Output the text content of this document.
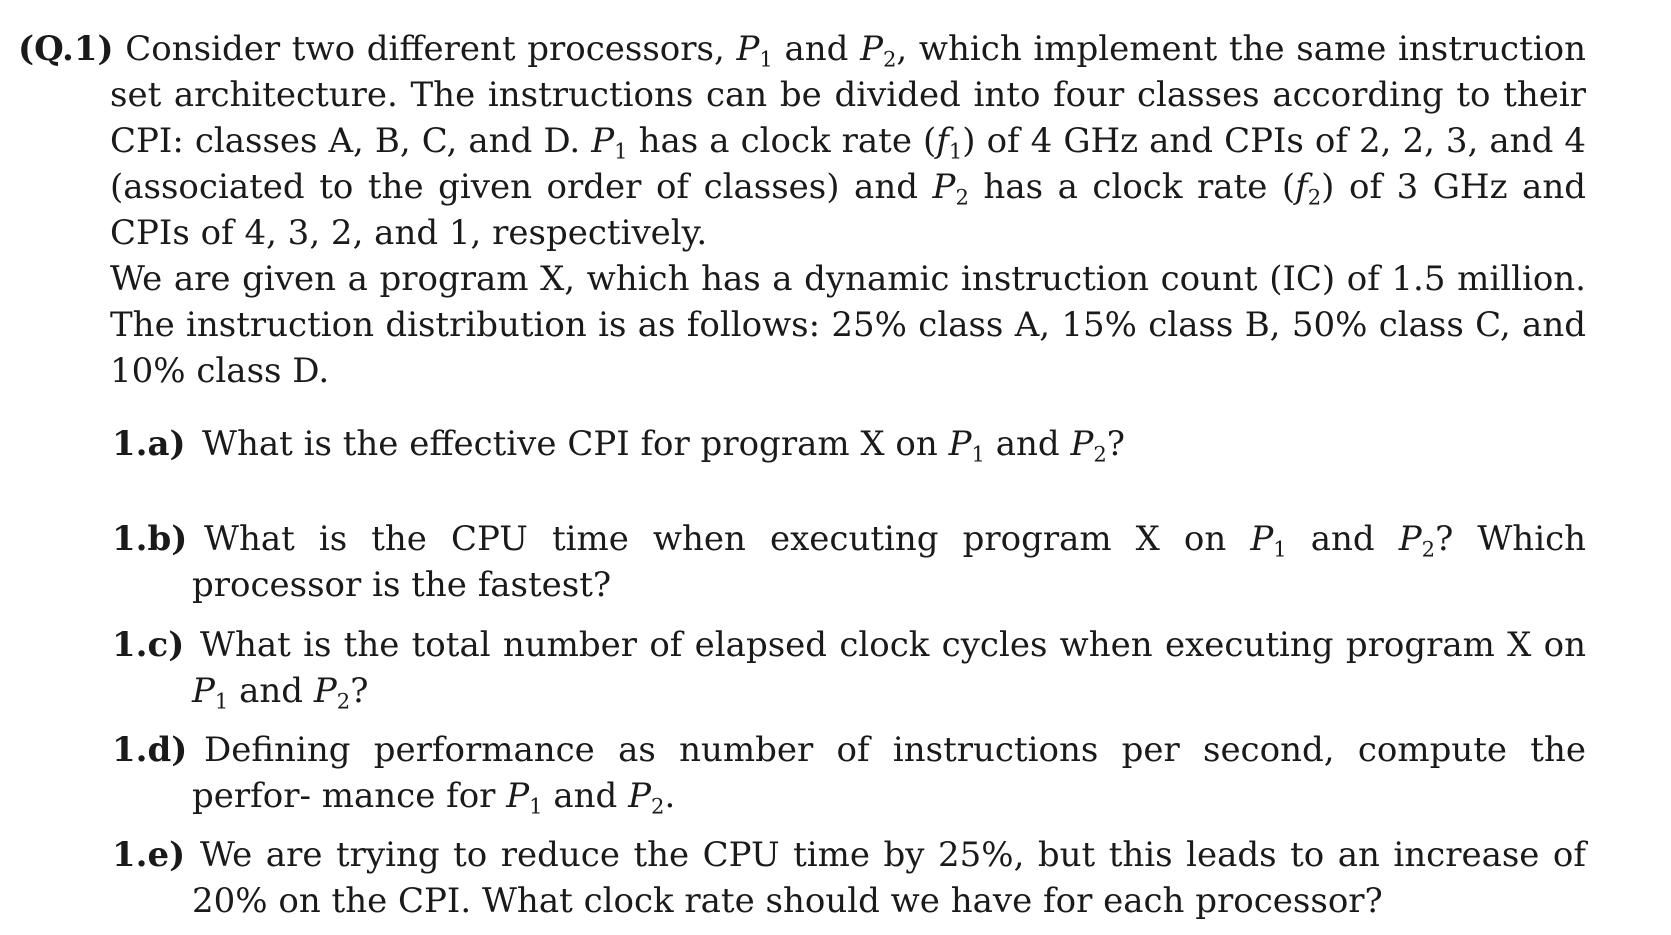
(Q.1) Consider two different processors, $P_1$ and $P_2$, which implement the same instruction set architecture. The instructions can be divided into four classes according to their CPI: classes A, B, C, and D. $P_1$ has a clock rate $(f_1)$ of 4 GHz and CPIs of 2, 2, 3, and 4 (associated to the given order of classes) and $P_2$ has a clock rate $(f_2)$ of 3 GHz and CPIs of 4, 3, 2, and 1, respectively.

We are given a program X, which has a dynamic instruction count (IC) of 1.5 million. The instruction distribution is as follows: 25% class A, 15% class B, 50% class C, and 10% class D.

1.a) What is the effective CPI for program X on $P_1$ and $P_2$?

1.b) What is the CPU time when executing program X on $P_1$ and $P_2$? Which processor is the fastest?

1.c) What is the total number of elapsed clock cycles when executing program X on $P_1$ and $P_2$?

1.d) Defining performance as number of instructions per second, compute the perfor- mance for $P_1$ and $P_2$.

1.e) We are trying to reduce the CPU time by 25%, but this leads to an increase of 20% on the CPI. What clock rate should we have for each processor?
